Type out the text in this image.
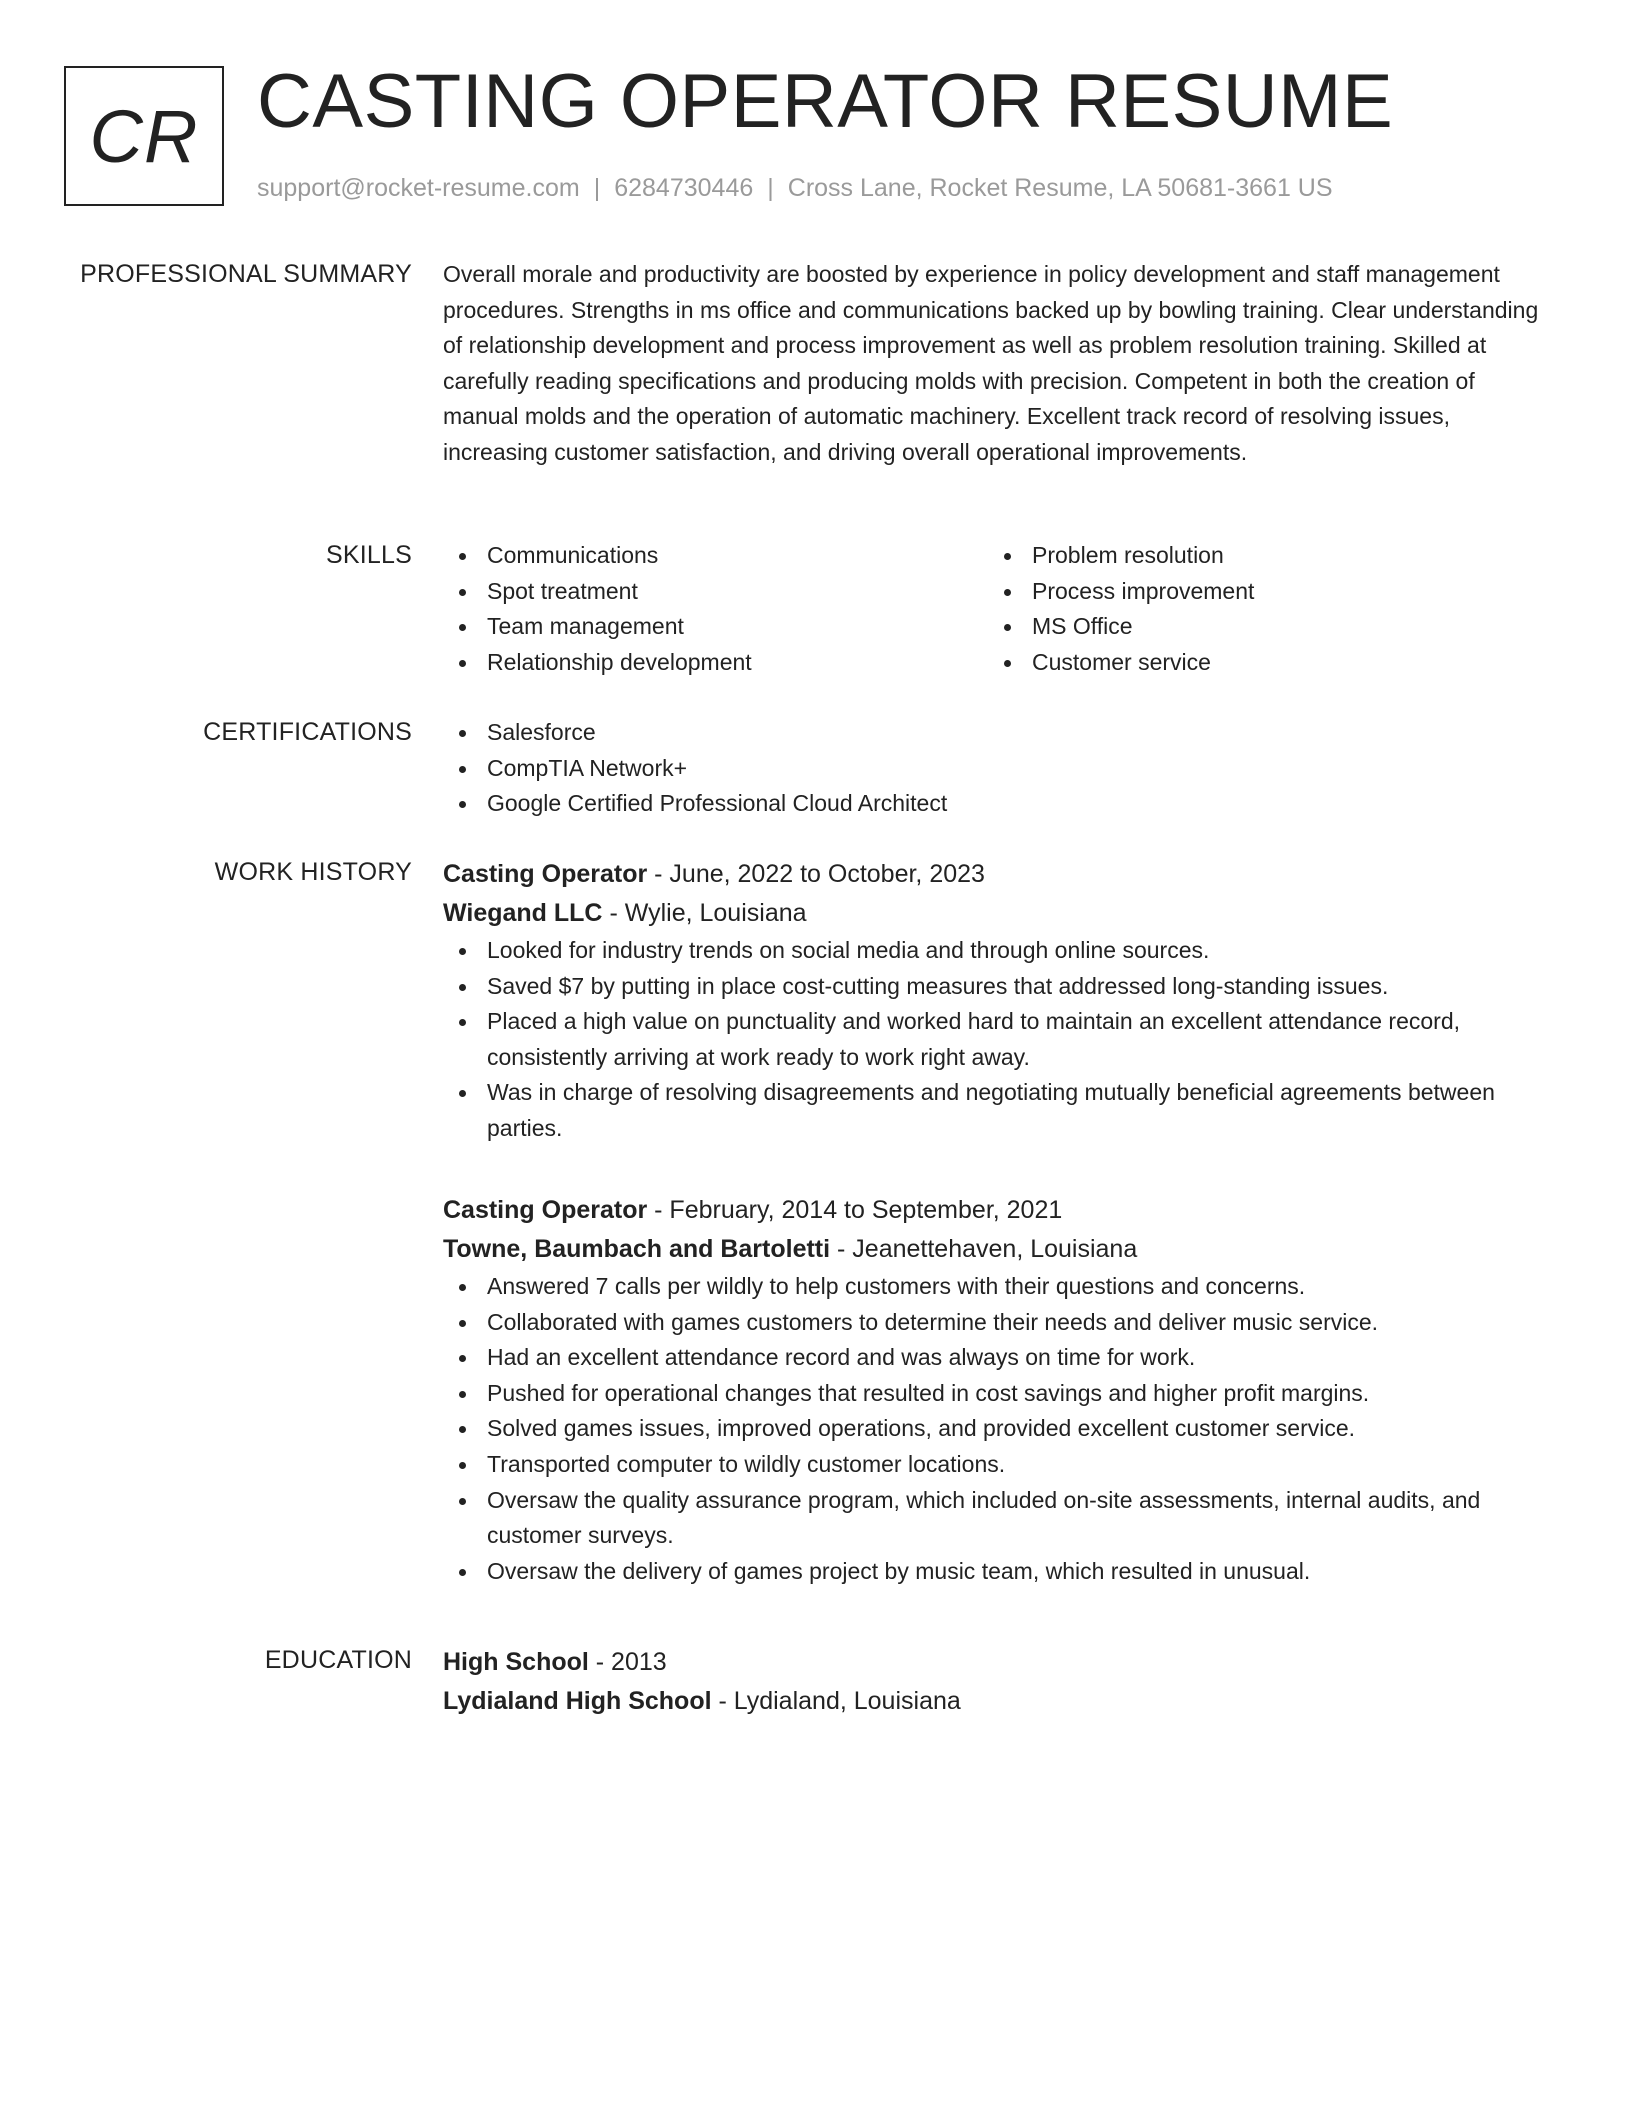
CR CASTING OPERATOR RESUME
support@rocket-resume.com | 6284730446 | Cross Lane, Rocket Resume, LA 50681-3661 US
PROFESSIONAL SUMMARY Overall morale and productivity are boosted by experience in policy development and staff management procedures. Strengths in ms office and communications backed up by bowling training. Clear understanding of relationship development and process improvement as well as problem resolution training. Skilled at carefully reading specifications and producing molds with precision. Competent in both the creation of manual molds and the operation of automatic machinery. Excellent track record of resolving issues, increasing customer satisfaction, and driving overall operational improvements.

SKILLS	Communications
Spot treatment
Team management
Relationship development
Problem resolution
Process improvement
MS Office
Customer service
CERTIFICATIONS	Salesforce
CompTIA Network+
Google Certified Professional Cloud Architect
WORK HISTORY Casting Operator - June, 2022 to October, 2023
Wiegand LLC - Wylie, Louisiana
Looked for industry trends on social media and through online sources.
Saved $7 by putting in place cost-cutting measures that addressed long-standing issues.
Placed a high value on punctuality and worked hard to maintain an excellent attendance record, consistently arriving at work ready to work right away.
Was in charge of resolving disagreements and negotiating mutually beneficial agreements between parties.
Casting Operator - February, 2014 to September, 2021
Towne, Baumbach and Bartoletti - Jeanettehaven, Louisiana
Answered 7 calls per wildly to help customers with their questions and concerns.
Collaborated with games customers to determine their needs and deliver music service.
Had an excellent attendance record and was always on time for work.
Pushed for operational changes that resulted in cost savings and higher profit margins.
Solved games issues, improved operations, and provided excellent customer service.
Transported computer to wildly customer locations.
Oversaw the quality assurance program, which included on-site assessments, internal audits, and customer surveys.
Oversaw the delivery of games project by music team, which resulted in unusual.
EDUCATION High School - 2013
Lydialand High School - Lydialand, Louisiana
